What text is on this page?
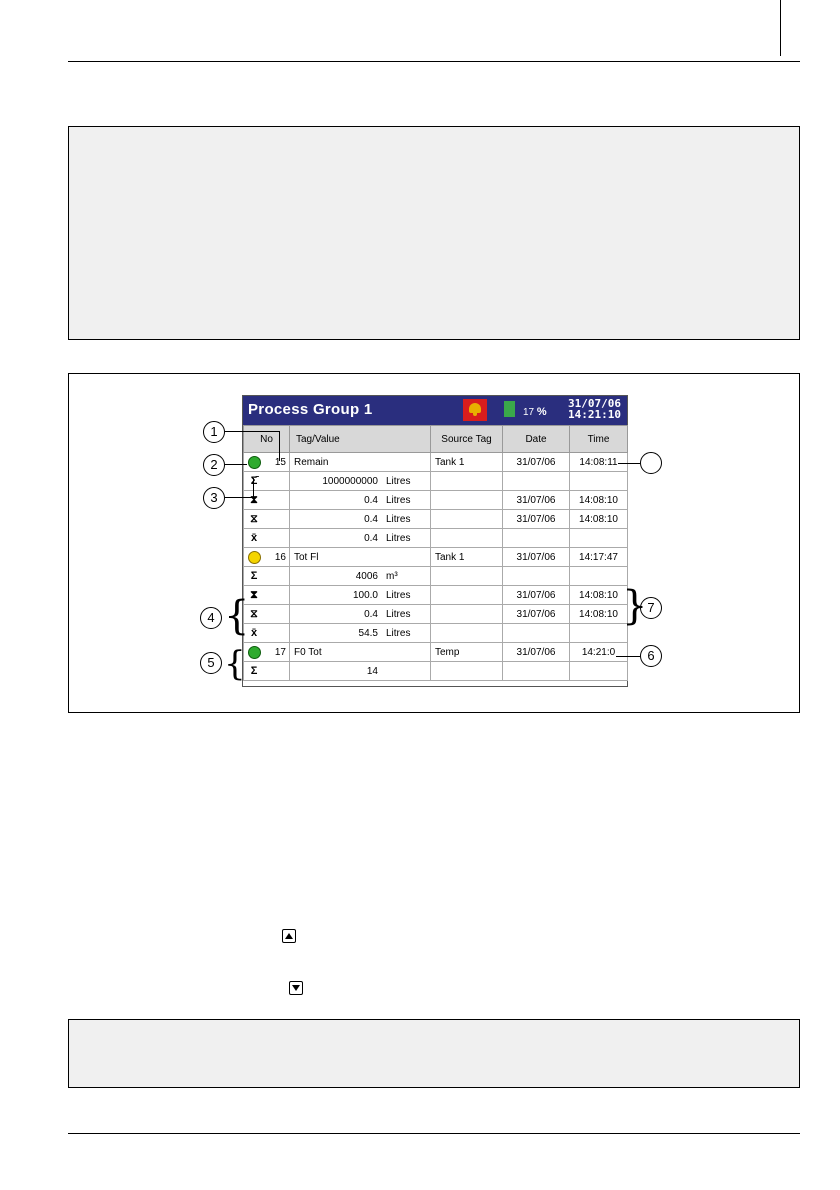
Process Group 1	17 %
31/07/06
14:21:10
No	Tag/Value	Source Tag	Date	Time

15	Remain	Tank 1	31/07/06	14:08:11
Σ̄	1000000000 Litres			
⧗	0.4 Litres		31/07/06	14:08:10
⧖	0.4 Litres		31/07/06	14:08:10
x̄	0.4 Litres			

16	Tot Fl	Tank 1	31/07/06	14:17:47
Σ	4006 m³			
⧗	100.0 Litres		31/07/06	14:08:10
⧖	0.4 Litres		31/07/06	14:08:10
x̄	54.5 Litres			

17	F0 Tot	Temp	31/07/06	14:21:0
Σ	14			
1
2
3
4 {
5 {	6
7
}
